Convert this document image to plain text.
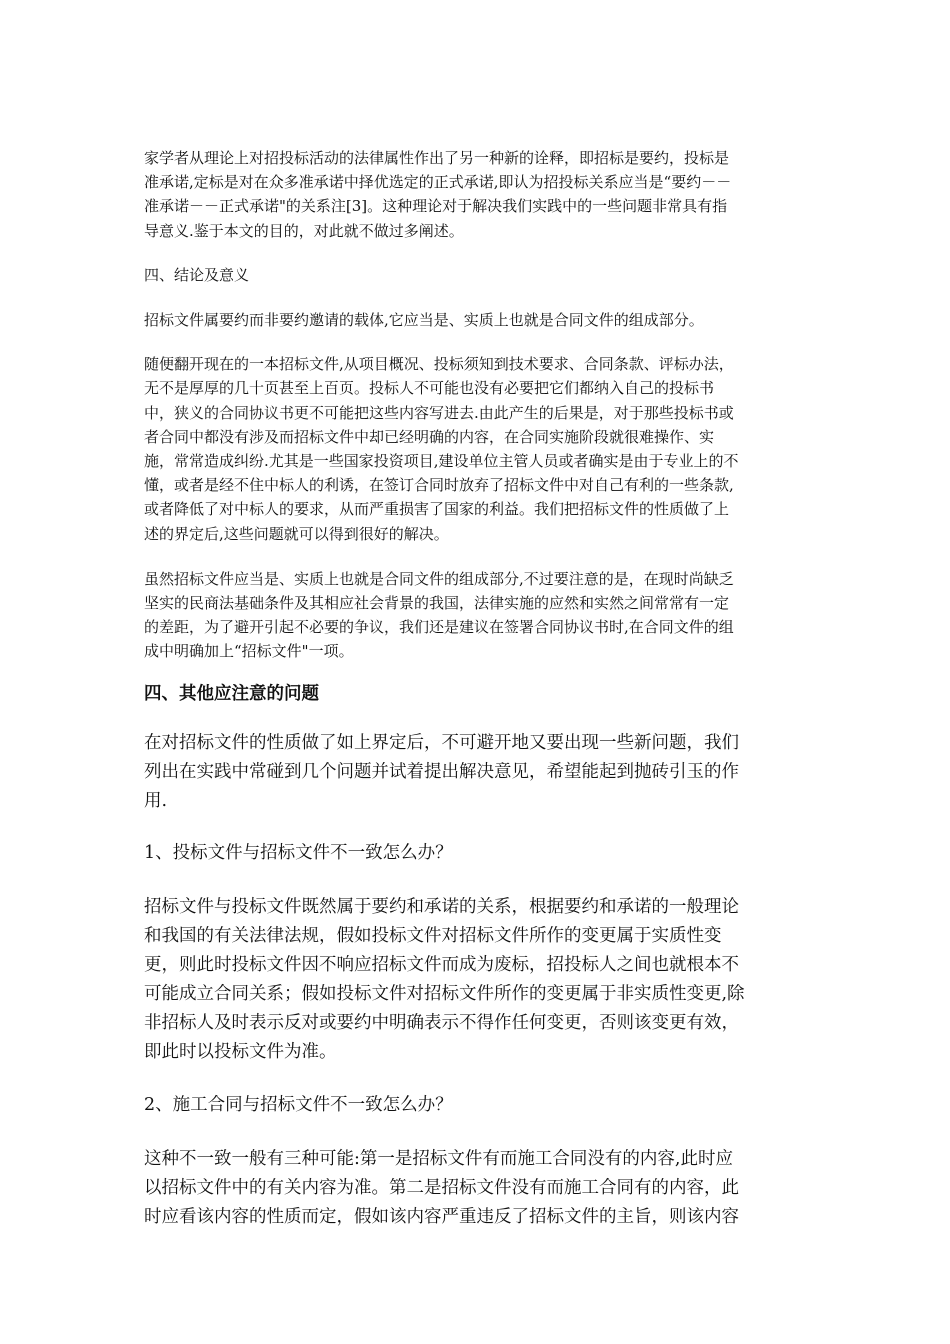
家学者从理论上对招投标活动的法律属性作出了另一种新的诠释，即招标是要约，投标是
准承诺,定标是对在众多准承诺中择优选定的正式承诺,即认为招投标关系应当是“要约－－
准承诺－－正式承诺"的关系注[3]。这种理论对于解决我们实践中的一些问题非常具有指
导意义.鉴于本文的目的，对此就不做过多阐述。

四、结论及意义

招标文件属要约而非要约邀请的载体,它应当是、实质上也就是合同文件的组成部分。

随便翻开现在的一本招标文件,从项目概况、投标须知到技术要求、合同条款、评标办法，
无不是厚厚的几十页甚至上百页。投标人不可能也没有必要把它们都纳入自己的投标书
中，狭义的合同协议书更不可能把这些内容写进去.由此产生的后果是，对于那些投标书或
者合同中都没有涉及而招标文件中却已经明确的内容，在合同实施阶段就很难操作、实
施，常常造成纠纷.尤其是一些国家投资项目,建设单位主管人员或者确实是由于专业上的不
懂，或者是经不住中标人的利诱，在签订合同时放弃了招标文件中对自己有利的一些条款,
或者降低了对中标人的要求，从而严重损害了国家的利益。我们把招标文件的性质做了上
述的界定后,这些问题就可以得到很好的解决。

虽然招标文件应当是、实质上也就是合同文件的组成部分,不过要注意的是，在现时尚缺乏
坚实的民商法基础条件及其相应社会背景的我国，法律实施的应然和实然之间常常有一定
的差距，为了避开引起不必要的争议，我们还是建议在签署合同协议书时,在合同文件的组
成中明确加上“招标文件"一项。

四、其他应注意的问题

在对招标文件的性质做了如上界定后，不可避开地又要出现一些新问题，我们
列出在实践中常碰到几个问题并试着提出解决意见，希望能起到抛砖引玉的作
用.

1、投标文件与招标文件不一致怎么办？

招标文件与投标文件既然属于要约和承诺的关系，根据要约和承诺的一般理论
和我国的有关法律法规，假如投标文件对招标文件所作的变更属于实质性变
更，则此时投标文件因不响应招标文件而成为废标，招投标人之间也就根本不
可能成立合同关系；假如投标文件对招标文件所作的变更属于非实质性变更,除
非招标人及时表示反对或要约中明确表示不得作任何变更，否则该变更有效，
即此时以投标文件为准。

2、施工合同与招标文件不一致怎么办？

这种不一致一般有三种可能:第一是招标文件有而施工合同没有的内容,此时应
以招标文件中的有关内容为准。第二是招标文件没有而施工合同有的内容，此
时应看该内容的性质而定，假如该内容严重违反了招标文件的主旨，则该内容
